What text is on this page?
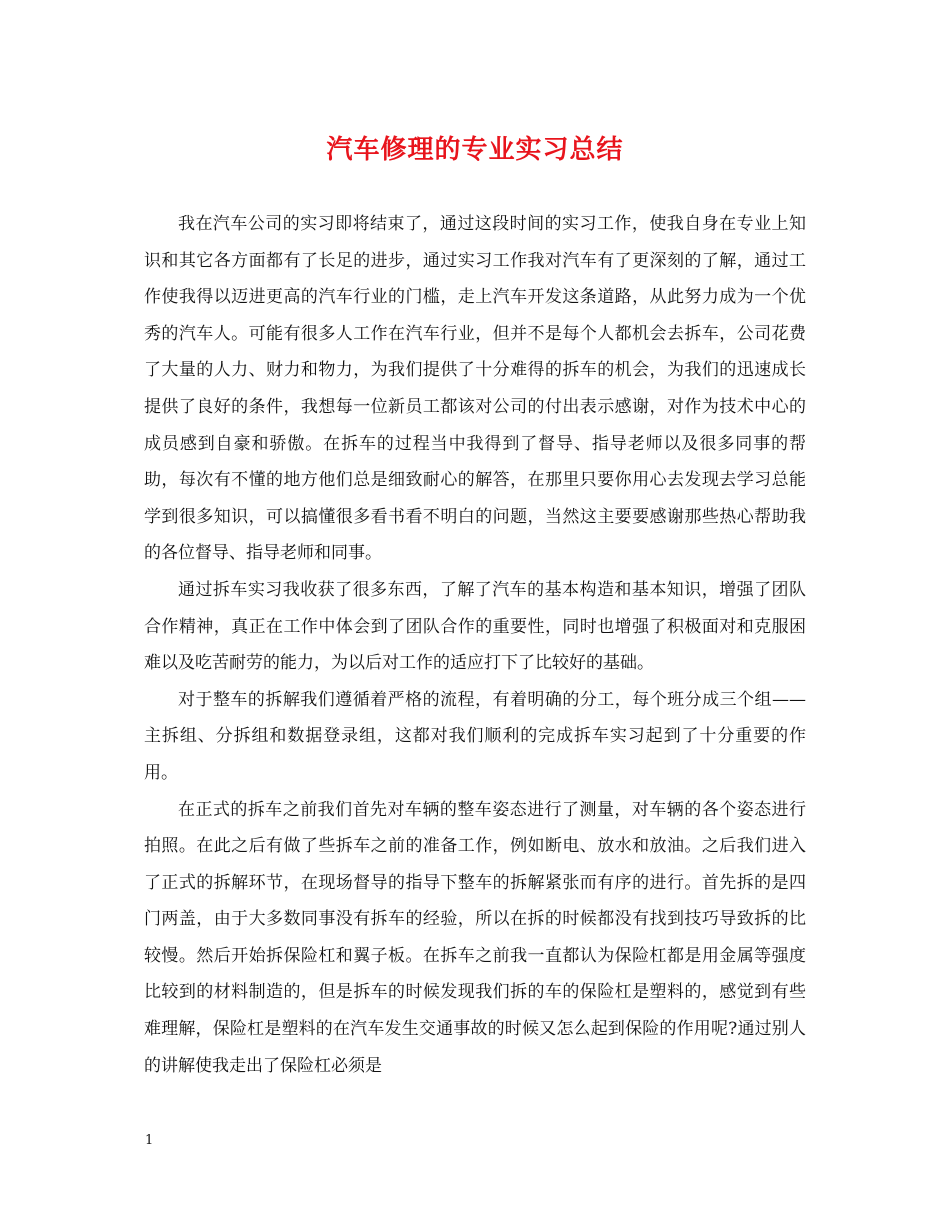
汽车修理的专业实习总结

我在汽车公司的实习即将结束了，通过这段时间的实习工作，使我自身在专业上知识和其它各方面都有了长足的进步，通过实习工作我对汽车有了更深刻的了解，通过工作使我得以迈进更高的汽车行业的门槛，走上汽车开发这条道路，从此努力成为一个优秀的汽车人。可能有很多人工作在汽车行业，但并不是每个人都机会去拆车，公司花费了大量的人力、财力和物力，为我们提供了十分难得的拆车的机会，为我们的迅速成长提供了良好的条件，我想每一位新员工都该对公司的付出表示感谢，对作为技术中心的成员感到自豪和骄傲。在拆车的过程当中我得到了督导、指导老师以及很多同事的帮助，每次有不懂的地方他们总是细致耐心的解答，在那里只要你用心去发现去学习总能学到很多知识，可以搞懂很多看书看不明白的问题，当然这主要要感谢那些热心帮助我的各位督导、指导老师和同事。

通过拆车实习我收获了很多东西，了解了汽车的基本构造和基本知识，增强了团队合作精神，真正在工作中体会到了团队合作的重要性，同时也增强了积极面对和克服困难以及吃苦耐劳的能力，为以后对工作的适应打下了比较好的基础。

对于整车的拆解我们遵循着严格的流程，有着明确的分工，每个班分成三个组——主拆组、分拆组和数据登录组，这都对我们顺利的完成拆车实习起到了十分重要的作用。

在正式的拆车之前我们首先对车辆的整车姿态进行了测量，对车辆的各个姿态进行拍照。在此之后有做了些拆车之前的准备工作，例如断电、放水和放油。之后我们进入了正式的拆解环节，在现场督导的指导下整车的拆解紧张而有序的进行。首先拆的是四门两盖，由于大多数同事没有拆车的经验，所以在拆的时候都没有找到技巧导致拆的比较慢。然后开始拆保险杠和翼子板。在拆车之前我一直都认为保险杠都是用金属等强度比较到的材料制造的，但是拆车的时候发现我们拆的车的保险杠是塑料的，感觉到有些难理解，保险杠是塑料的在汽车发生交通事故的时候又怎么起到保险的作用呢?通过别人的讲解使我走出了保险杠必须是

1
